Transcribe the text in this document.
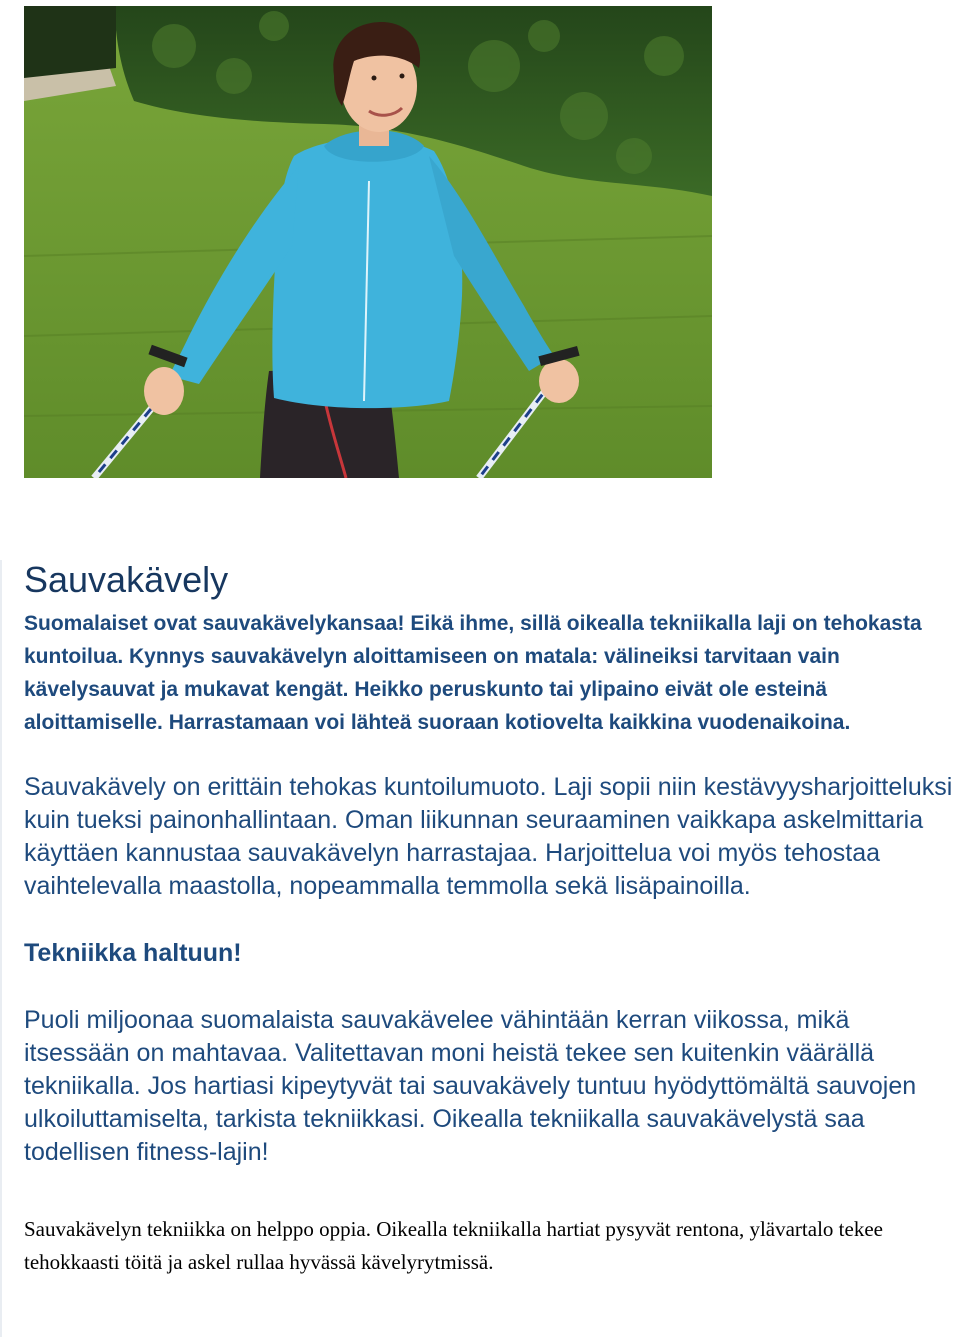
Sauvakävely

Suomalaiset ovat sauvakävelykansaa! Eikä ihme, sillä oikealla tekniikalla laji on tehokasta kuntoilua. Kynnys sauvakävelyn aloittamiseen on matala: välineiksi tarvitaan vain kävelysauvat ja mukavat kengät. Heikko peruskunto tai ylipaino eivät ole esteinä aloittamiselle. Harrastamaan voi lähteä suoraan kotiovelta kaikkina vuodenaikoina.

Sauvakävely on erittäin tehokas kuntoilumuoto. Laji sopii niin kestävyysharjoitteluksi kuin tueksi painonhallintaan. Oman liikunnan seuraaminen vaikkapa askelmittaria käyttäen kannustaa sauvakävelyn harrastajaa. Harjoittelua voi myös tehostaa vaihtelevalla maastolla, nopeammalla temmolla sekä lisäpainoilla.

Tekniikka haltuun!

Puoli miljoonaa suomalaista sauvakävelee vähintään kerran viikossa, mikä itsessään on mahtavaa. Valitettavan moni heistä tekee sen kuitenkin väärällä tekniikalla. Jos hartiasi kipeytyvät tai sauvakävely tuntuu hyödyttömältä sauvojen ulkoiluttamiselta, tarkista tekniikkasi. Oikealla tekniikalla sauvakävelystä saa todellisen fitness-lajin!

Sauvakävelyn tekniikka on helppo oppia. Oikealla tekniikalla hartiat pysyvät rentona, ylävartalo tekee tehokkaasti töitä ja askel rullaa hyvässä kävelyrytmissä.
